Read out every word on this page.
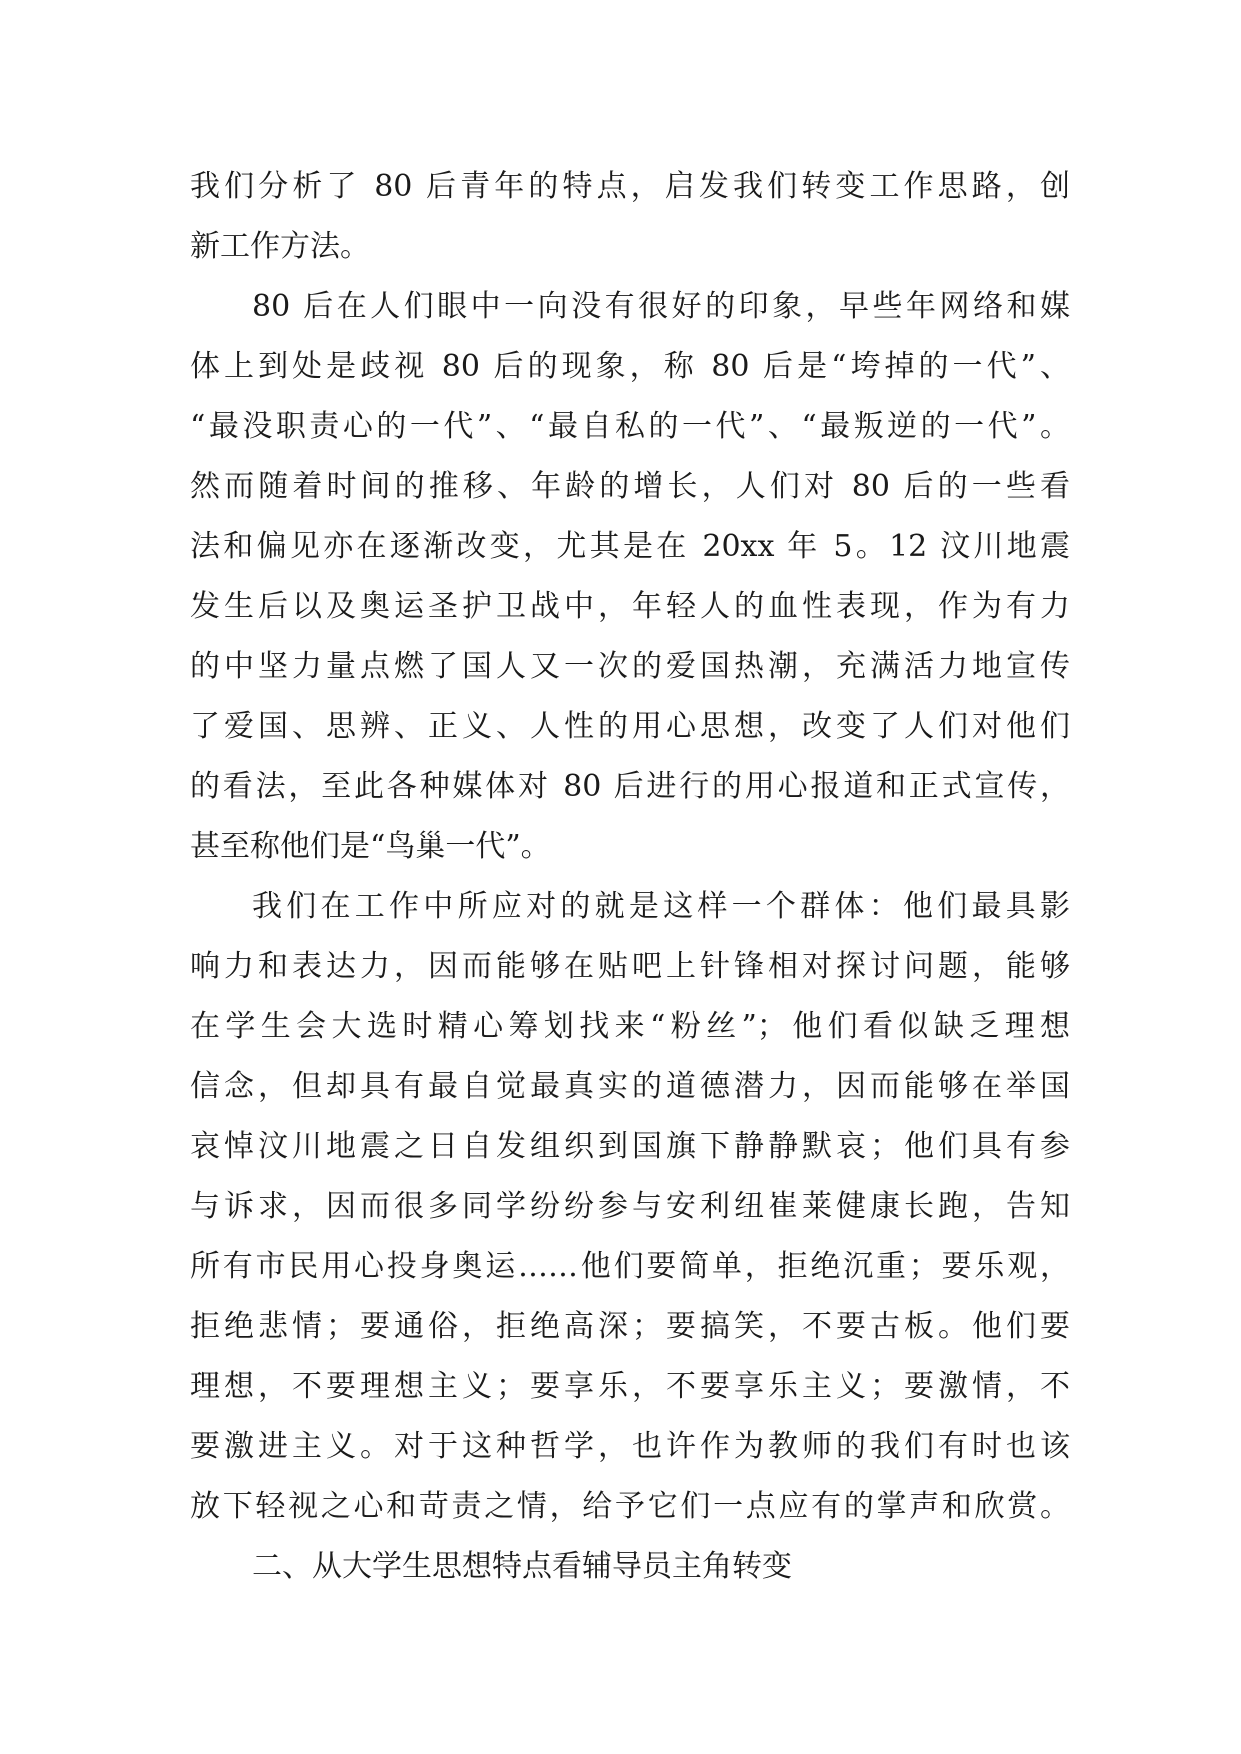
我们分析了 80 后青年的特点，启发我们转变工作思路，创
新工作方法。
80 后在人们眼中一向没有很好的印象，早些年网络和媒
体上到处是歧视 80 后的现象，称 80 后是“垮掉的一代”、
“最没职责心的一代”、“最自私的一代”、“最叛逆的一代”。
然而随着时间的推移、年龄的增长，人们对 80 后的一些看
法和偏见亦在逐渐改变，尤其是在 20xx 年 5。12 汶川地震
发生后以及奥运圣护卫战中，年轻人的血性表现，作为有力
的中坚力量点燃了国人又一次的爱国热潮，充满活力地宣传
了爱国、思辨、正义、人性的用心思想，改变了人们对他们
的看法，至此各种媒体对 80 后进行的用心报道和正式宣传，
甚至称他们是“鸟巢一代”。
我们在工作中所应对的就是这样一个群体：他们最具影
响力和表达力，因而能够在贴吧上针锋相对探讨问题，能够
在学生会大选时精心筹划找来“粉丝”；他们看似缺乏理想
信念，但却具有最自觉最真实的道德潜力，因而能够在举国
哀悼汶川地震之日自发组织到国旗下静静默哀；他们具有参
与诉求，因而很多同学纷纷参与安利纽崔莱健康长跑，告知
所有市民用心投身奥运……他们要简单，拒绝沉重；要乐观，
拒绝悲情；要通俗，拒绝高深；要搞笑，不要古板。他们要
理想，不要理想主义；要享乐，不要享乐主义；要激情，不
要激进主义。对于这种哲学，也许作为教师的我们有时也该
放下轻视之心和苛责之情，给予它们一点应有的掌声和欣赏。
二、从大学生思想特点看辅导员主角转变
